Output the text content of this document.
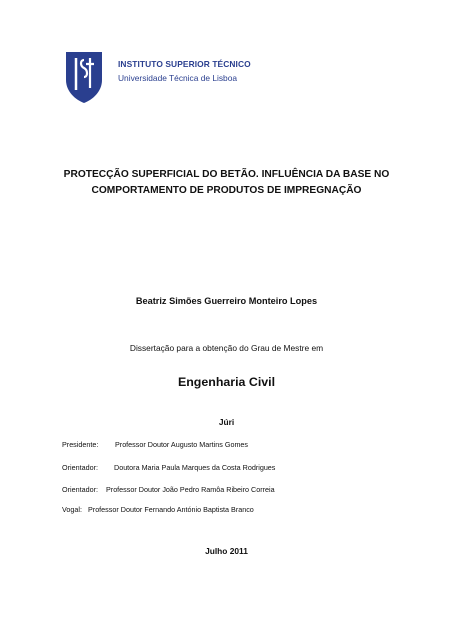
INSTITUTO SUPERIOR TÉCNICO
Universidade Técnica de Lisboa
PROTECÇÃO SUPERFICIAL DO BETÃO. INFLUÊNCIA DA BASE NO
COMPORTAMENTO DE PRODUTOS DE IMPREGNAÇÃO
Beatriz Simões Guerreiro Monteiro Lopes
Dissertação para a obtenção do Grau de Mestre em
Engenharia Civil
Júri
Presidente: Professor Doutor Augusto Martins Gomes
Orientador: Doutora Maria Paula Marques da Costa Rodrigues
Orientador: Professor Doutor João Pedro Ramôa Ribeiro Correia
Vogal: Professor Doutor Fernando António Baptista Branco
Julho 2011
